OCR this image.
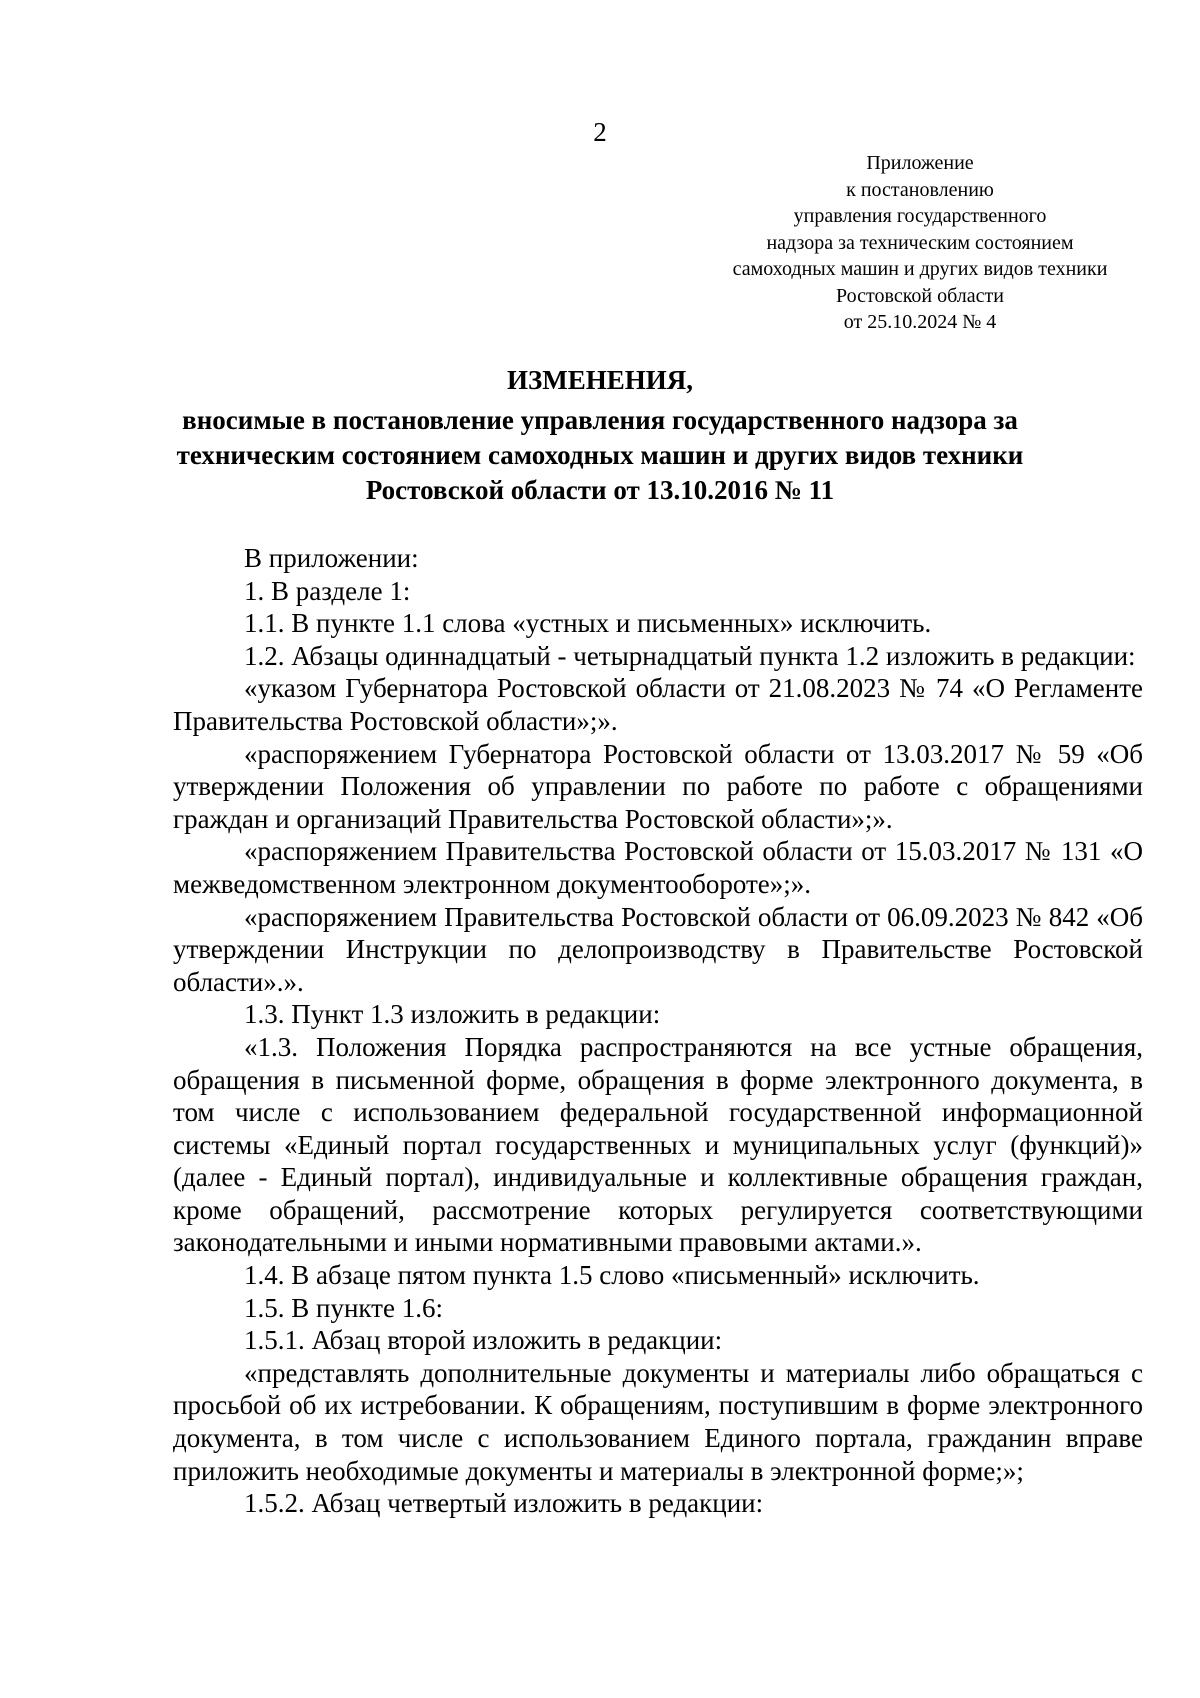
2
Приложение
к постановлению
управления государственного
надзора за техническим состоянием
самоходных машин и других видов техники
Ростовской области
от 25.10.2024 № 4
ИЗМЕНЕНИЯ,
вносимые в постановление управления государственного надзора за
техническим состоянием самоходных машин и других видов техники
Ростовской области от 13.10.2016 № 11

В приложении:

1. В разделе 1:

1.1. В пункте 1.1 слова «устных и письменных» исключить.

1.2. Абзацы одиннадцатый - четырнадцатый пункта 1.2 изложить в редакции:

«указом Губернатора Ростовской области от 21.08.2023 № 74 «О Регламенте Правительства Ростовской области»;».

«распоряжением Губернатора Ростовской области от 13.03.2017 № 59 «Об утверждении Положения об управлении по работе по работе с обращениями граждан и организаций Правительства Ростовской области»;».

«распоряжением Правительства Ростовской области от 15.03.2017 № 131 «О межведомственном электронном документообороте»;».

«распоряжением Правительства Ростовской области от 06.09.2023 № 842 «Об утверждении Инструкции по делопроизводству в Правительстве Ростовской области».».

1.3. Пункт 1.3 изложить в редакции:

«1.3. Положения Порядка распространяются на все устные обращения, обращения в письменной форме, обращения в форме электронного документа, в том числе с использованием федеральной государственной информационной системы «Единый портал государственных и муниципальных услуг (функций)» (далее - Единый портал), индивидуальные и коллективные обращения граждан, кроме обращений, рассмотрение которых регулируется соответствующими законодательными и иными нормативными правовыми актами.».

1.4. В абзаце пятом пункта 1.5 слово «письменный» исключить.

1.5. В пункте 1.6:

1.5.1. Абзац второй изложить в редакции:

«представлять дополнительные документы и материалы либо обращаться с просьбой об их истребовании. К обращениям, поступившим в форме электронного документа, в том числе с использованием Единого портала, гражданин вправе приложить необходимые документы и материалы в электронной форме;»;

1.5.2. Абзац четвертый изложить в редакции:
